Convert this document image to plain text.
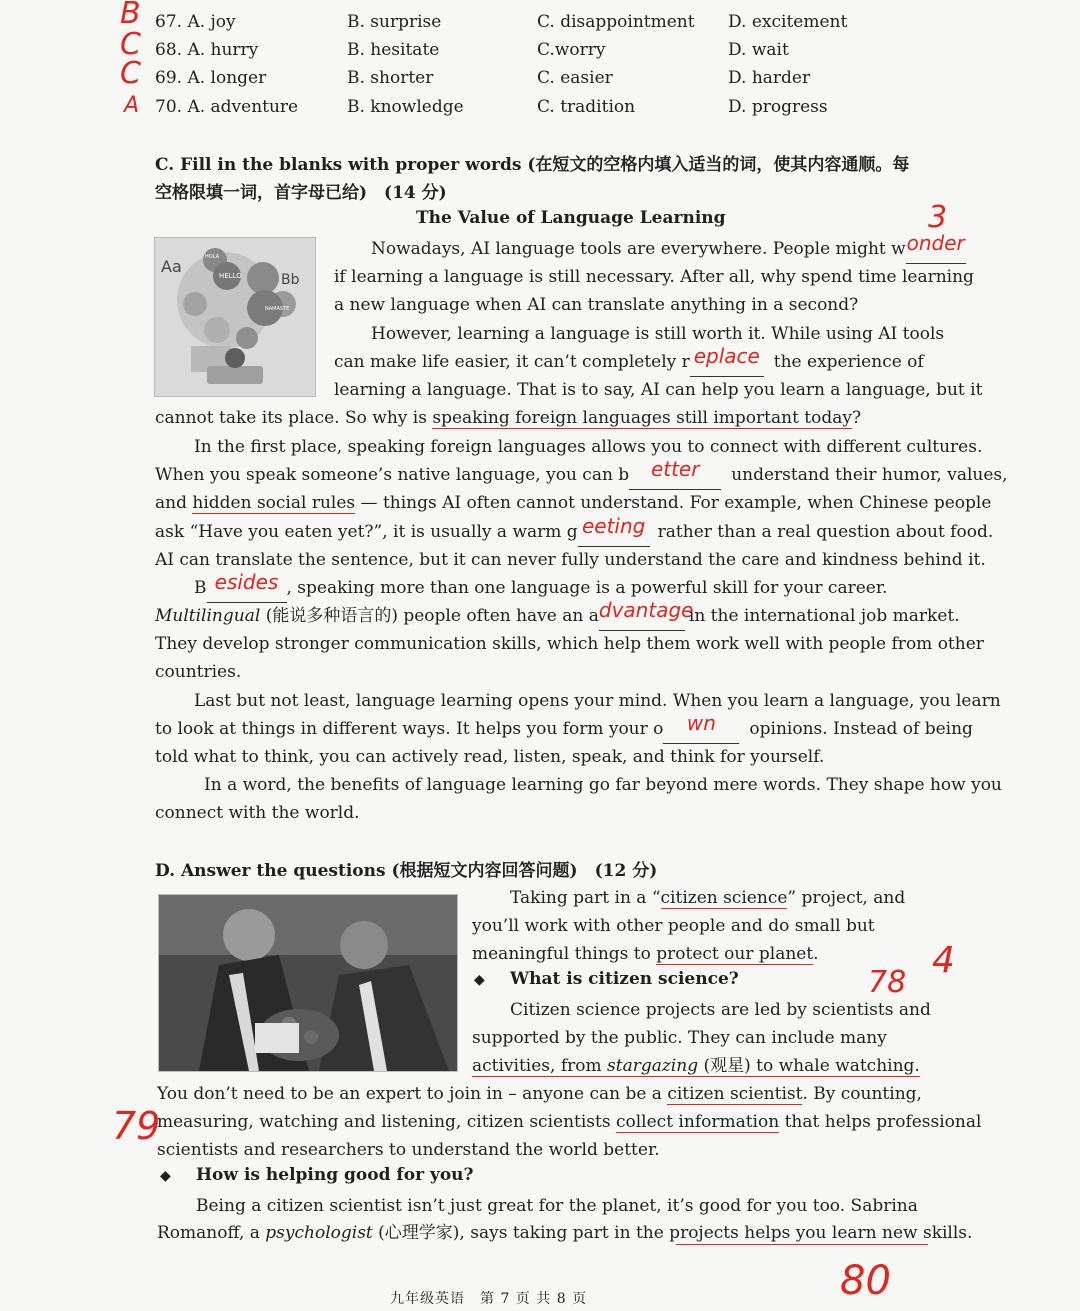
B 67. A. joy	B. surprise	C. disappointment D. excitement
C 68. A. hurry	B. hesitate	C.worry	D. wait
C 69. A. longer	B. shorter	C. easier	D. harder
A 70. A. adventure	B. knowledge	C. tradition	D. progress
C. Fill in the blanks with proper words (在短文的空格内填入适当的词，使其内容通顺。每
空格限填一词，首字母已给)　(14 分)
The Value of Language Learning	3
Aa
Bb
HELLO
HOLA
NAMASTE
Nowadays, AI language tools are everywhere. People might w onder

if learning a language is still necessary. After all, why spend time learning
a new language when AI can translate anything in a second?
However, learning a language is still worth it. While using AI tools
can make life easier, it can’t completely r eplace the experience of
learning a language. That is to say, AI can help you learn a language, but it
cannot take its place. So why is speaking foreign languages still important today?
In the first place, speaking foreign languages allows you to connect with different cultures.
When you speak someone’s native language, you can b	etter	understand their humor, values,
and hidden social rules — things AI often cannot understand. For example, when Chinese people
ask “Have you eaten yet?”, it is usually a warm g eeting rather than a real question about food.
AI can translate the sentence, but it can never fully understand the care and kindness behind it.
B esides , speaking more than one language is a powerful skill for your career.
Multilingual (能说多种语言的) people often have an a dvantage
in the international job market.
They develop stronger communication skills, which help them work well with people from other
countries.
Last but not least, language learning opens your mind. When you learn a language, you learn
to look at things in different ways. It helps you form your o	wn	opinions. Instead of being
told what to think, you can actively read, listen, speak, and think for yourself.
In a word, the benefits of language learning go far beyond mere words. They shape how you
connect with the world.
D. Answer the questions (根据短文内容回答问题)　(12 分)
Taking part in a “citizen science” project, and
you’ll work with other people and do small but
meaningful things to protect our planet.
◆ What is citizen science?	78
4
Citizen science projects are led by scientists and
supported by the public. They can include many
activities, from stargazing (观星) to whale watching.
You don’t need to be an expert to join in – anyone can be a citizen scientist. By counting,
measuring, watching and listening, citizen scientists collect information that helps professional
scientists and researchers to understand the world better.
79
◆ How is helping good for you?
Being a citizen scientist isn’t just great for the planet, it’s good for you too. Sabrina
Romanoff, a psychologist (心理学家), says taking part in the projects helps you learn new skills.
80
九年级英语　第 7 页 共 8 页
